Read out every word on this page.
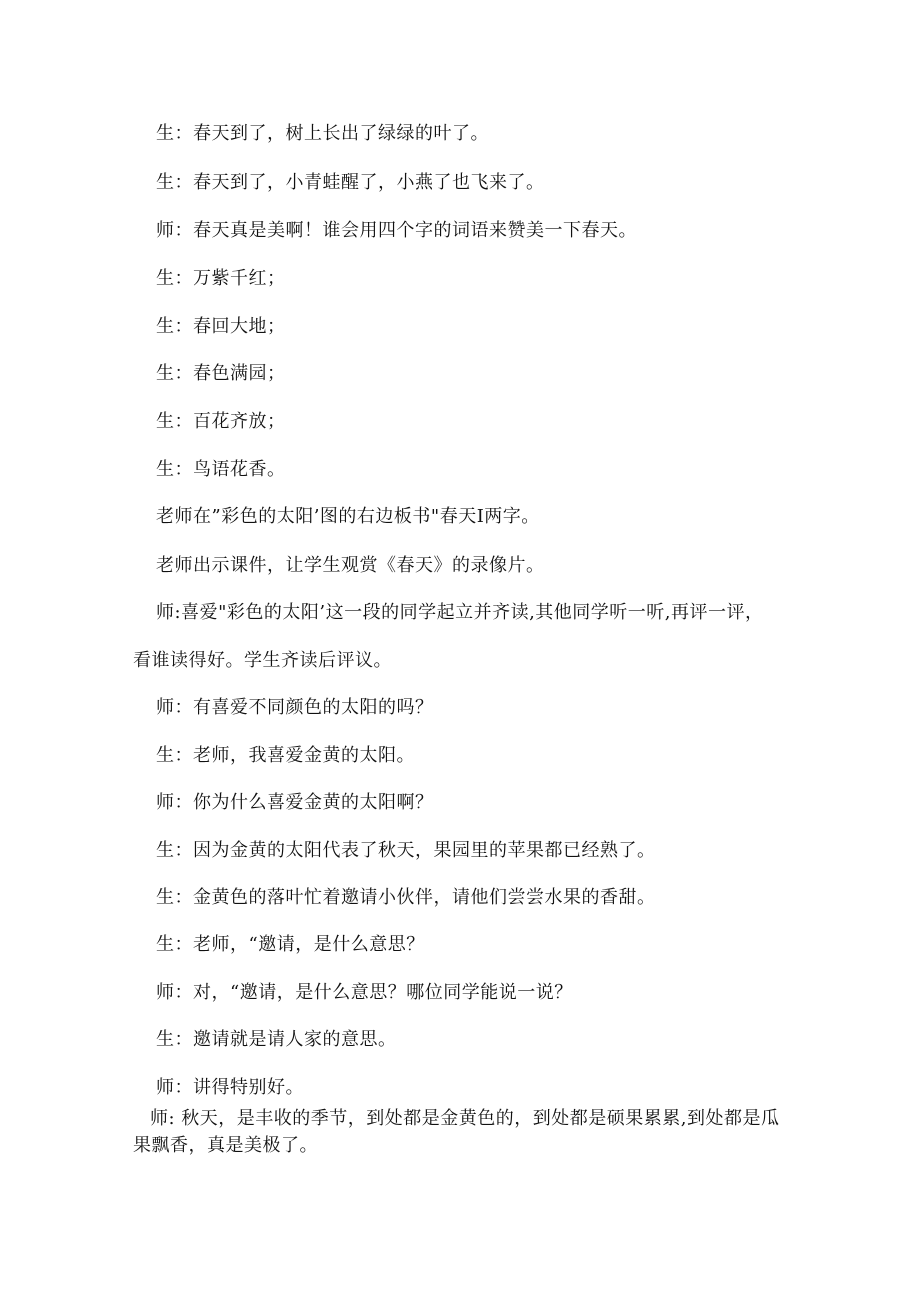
生：春天到了，树上长出了绿绿的叶了。
生：春天到了，小青蛙醒了，小燕了也飞来了。
师：春天真是美啊！谁会用四个字的词语来赞美一下春天。
生：万紫千红；
生：春回大地；
生：春色满园；
生：百花齐放；
生：鸟语花香。
老师在”彩色的太阳’图的右边板书"春天I两字。
老师出示课件，让学生观赏《春天》的录像片。
师:喜爱"彩色的太阳’这一段的同学起立并齐读,其他同学听一听,再评一评，
看谁读得好。学生齐读后评议。
师：有喜爱不同颜色的太阳的吗？
生：老师，我喜爱金黄的太阳。
师：你为什么喜爱金黄的太阳啊？
生：因为金黄的太阳代表了秋天，果园里的苹果都已经熟了。
生：金黄色的落叶忙着邀请小伙伴，请他们尝尝水果的香甜。
生：老师，“邀请，是什么意思？
师：对，“邀请，是什么意思？哪位同学能说一说？
生：邀请就是请人家的意思。
师：讲得特别好。
师: 秋天，是丰收的季节，到处都是金黄色的，到处都是硕果累累,到处都是瓜
果飘香，真是美极了。
